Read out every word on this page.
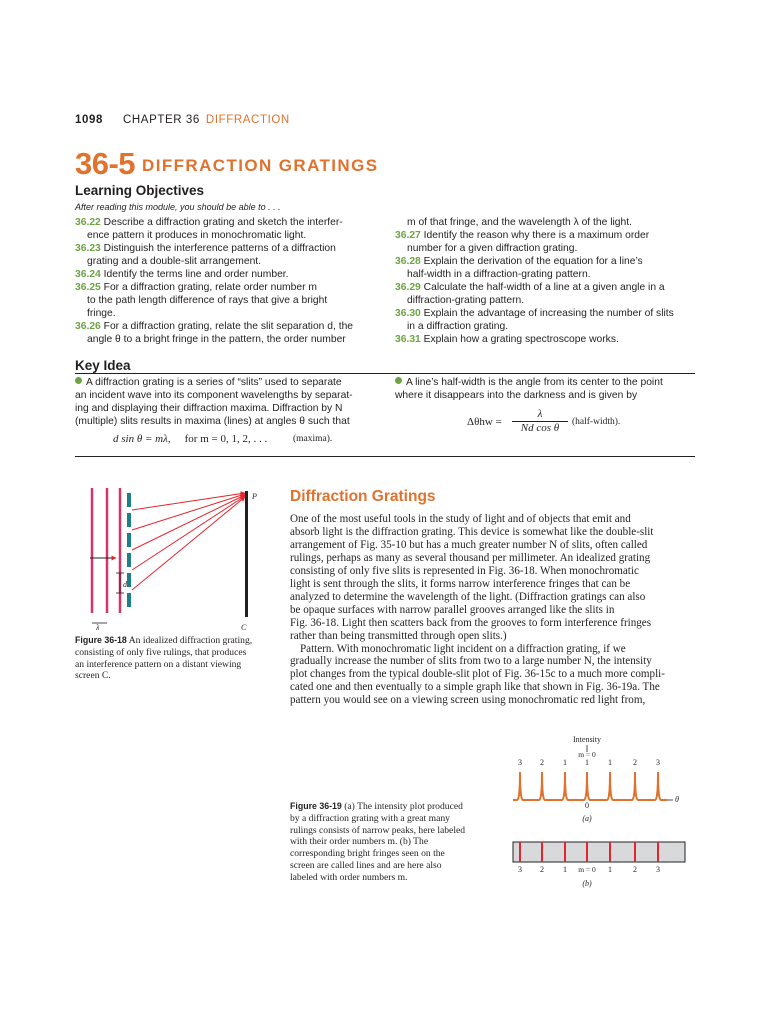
1098 CHAPTER 36 DIFFRACTION
36-5 DIFFRACTION GRATINGS
Learning Objectives
After reading this module, you should be able to . . .
36.22 Describe a diffraction grating and sketch the interfer-
ence pattern it produces in monochromatic light.
36.23 Distinguish the interference patterns of a diffraction
grating and a double-slit arrangement.
36.24 Identify the terms line and order number.
36.25 For a diffraction grating, relate order number m
to the path length difference of rays that give a bright
fringe.
36.26 For a diffraction grating, relate the slit separation d, the
angle θ to a bright fringe in the pattern, the order number
m of that fringe, and the wavelength λ of the light.
36.27 Identify the reason why there is a maximum order
number for a given diffraction grating.
36.28 Explain the derivation of the equation for a line’s
half-width in a diffraction-grating pattern.
36.29 Calculate the half-width of a line at a given angle in a
diffraction-grating pattern.
36.30 Explain the advantage of increasing the number of slits
in a diffraction grating.
36.31 Explain how a grating spectroscope works.
Key Idea
A diffraction grating is a series of “slits” used to separate
an incident wave into its component wavelengths by separat-
ing and displaying their diffraction maxima. Diffraction by N
(multiple) slits results in maxima (lines) at angles θ such that
d sin θ = mλ, for m = 0, 1, 2, . . .	(maxima).
A line’s half-width is the angle from its center to the point
where it disappears into the darkness and is given by
Δθhw =
λ
Nd cos θ	(half-width).
d
λ
P
C
Figure 36-18 An idealized diffraction grating,
consisting of only five rulings, that produces
an interference pattern on a distant viewing
screen C.
Diffraction Gratings
One of the most useful tools in the study of light and of objects that emit and
absorb light is the diffraction grating. This device is somewhat like the double-slit
arrangement of Fig. 35-10 but has a much greater number N of slits, often called
rulings, perhaps as many as several thousand per millimeter. An idealized grating
consisting of only five slits is represented in Fig. 36-18. When monochromatic
light is sent through the slits, it forms narrow interference fringes that can be
analyzed to determine the wavelength of the light. (Diffraction gratings can also
be opaque surfaces with narrow parallel grooves arranged like the slits in
Fig. 36-18. Light then scatters back from the grooves to form interference fringes
rather than being transmitted through open slits.)
Pattern. With monochromatic light incident on a diffraction grating, if we
gradually increase the number of slits from two to a large number N, the intensity
plot changes from the typical double-slit plot of Fig. 36-15c to a much more compli-
cated one and then eventually to a simple graph like that shown in Fig. 36-19a. The
pattern you would see on a viewing screen using monochromatic red light from,
Intensity
m = 0
3 2 1 1 1	2 3
θ
0
(a)
3 2 1 m = 0 1	2 3
(b)
Figure 36-19 (a) The intensity plot produced
by a diffraction grating with a great many
rulings consists of narrow peaks, here labeled
with their order numbers m. (b) The
corresponding bright fringes seen on the
screen are called lines and are here also
labeled with order numbers m.
